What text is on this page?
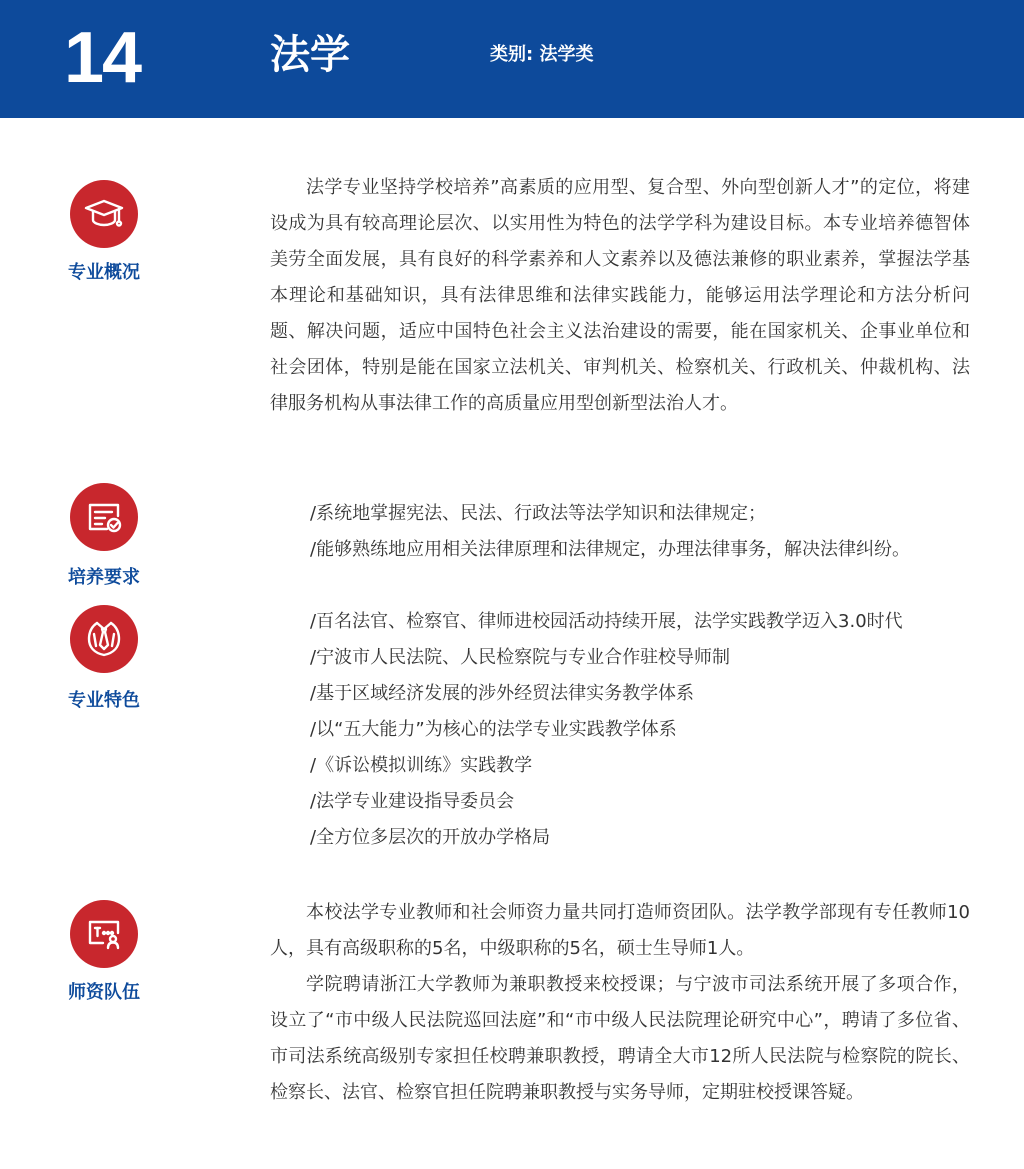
14	法学	类别: 法学类
专业概况

法学专业坚持学校培养”高素质的应用型、复合型、外向型创新人才”的定位，将建设成为具有较高理论层次、以实用性为特色的法学学科为建设目标。本专业培养德智体美劳全面发展，具有良好的科学素养和人文素养以及德法兼修的职业素养，掌握法学基本理论和基础知识，具有法律思维和法律实践能力，能够运用法学理论和方法分析问题、解决问题，适应中国特色社会主义法治建设的需要，能在国家机关、企事业单位和社会团体，特别是能在国家立法机关、审判机关、检察机关、行政机关、仲裁机构、法律服务机构从事法律工作的高质量应用型创新型法治人才。

培养要求
/系统地掌握宪法、民法、行政法等法学知识和法律规定；
/能够熟练地应用相关法律原理和法律规定，办理法律事务，解决法律纠纷。
专业特色
/百名法官、检察官、律师进校园活动持续开展，法学实践教学迈入3.0时代
/宁波市人民法院、人民检察院与专业合作驻校导师制
/基于区域经济发展的涉外经贸法律实务教学体系
/以“五大能力”为核心的法学专业实践教学体系
/《诉讼模拟训练》实践教学
/法学专业建设指导委员会
/全方位多层次的开放办学格局
师资队伍

本校法学专业教师和社会师资力量共同打造师资团队。法学教学部现有专任教师10人，具有高级职称的5名，中级职称的5名，硕士生导师1人。

学院聘请浙江大学教师为兼职教授来校授课；与宁波市司法系统开展了多项合作，设立了“市中级人民法院巡回法庭”和“市中级人民法院理论研究中心”，聘请了多位省、市司法系统高级别专家担任校聘兼职教授，聘请全大市12所人民法院与检察院的院长、检察长、法官、检察官担任院聘兼职教授与实务导师，定期驻校授课答疑。
